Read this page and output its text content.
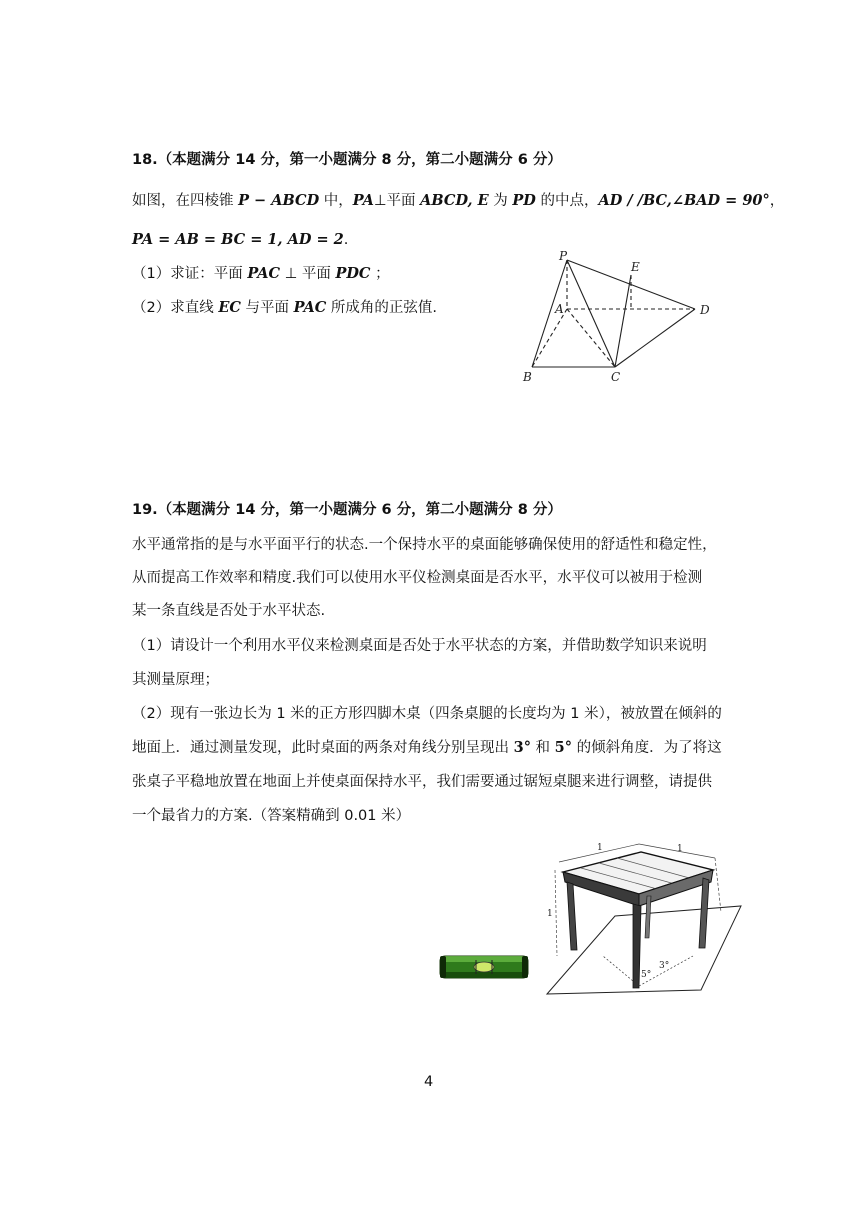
18.（本题满分 14 分，第一小题满分 8 分，第二小题满分 6 分）
如图，在四棱锥 P − ABCD 中，PA⊥平面 ABCD, E 为 PD 的中点，AD / /BC,∠BAD = 90°，
PA = AB = BC = 1, AD = 2.
（1）求证：平面 PAC ⊥ 平面 PDC ；
（2）求直线 EC 与平面 PAC 所成角的正弦值.
P
E
A	D
B	C
19.（本题满分 14 分，第一小题满分 6 分，第二小题满分 8 分）
水平通常指的是与水平面平行的状态.一个保持水平的桌面能够确保使用的舒适性和稳定性，
从而提高工作效率和精度.我们可以使用水平仪检测桌面是否水平，水平仪可以被用于检测
某一条直线是否处于水平状态.
（1）请设计一个利用水平仪来检测桌面是否处于水平状态的方案，并借助数学知识来说明
其测量原理；
（2）现有一张边长为 1 米的正方形四脚木桌（四条桌腿的长度均为 1 米），被放置在倾斜的
地面上．通过测量发现，此时桌面的两条对角线分别呈现出 3° 和 5° 的倾斜角度．为了将这
张桌子平稳地放置在地面上并使桌面保持水平，我们需要通过锯短桌腿来进行调整，请提供
一个最省力的方案.（答案精确到 0.01 米）
1	1
1
3°
5°
4
